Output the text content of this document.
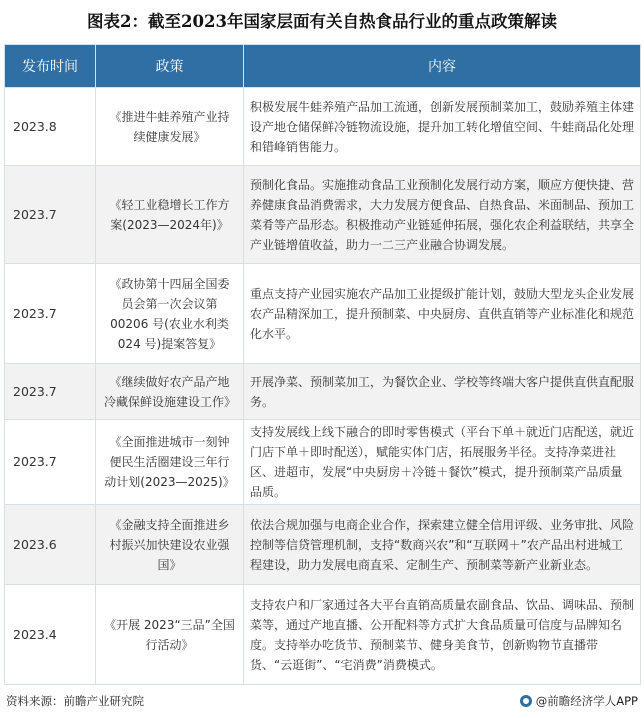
图表2：截至2023年国家层面有关自热食品行业的重点政策解读
发布时间	政策	内容
2023.8	《推进牛蛙养殖产业持续健康发展》	积极发展牛蛙养殖产品加工流通，创新发展预制菜加工，鼓励养殖主体建设产地仓储保鲜冷链物流设施，提升加工转化增值空间、牛蛙商品化处理和错峰销售能力。
2023.7	《轻工业稳增长工作方案(2023—2024年)》	预制化食品。实施推动食品工业预制化发展行动方案，顺应方便快捷、营养健康食品消费需求，大力发展方便食品、自热食品、米面制品、预加工菜肴等产品形态。积极推动产业链延伸拓展，强化农企利益联结，共享全产业链增值收益，助力一二三产业融合协调发展。
2023.7	《政协第十四届全国委员会第一次会议第00206 号(农业水利类024 号)提案答复》	重点支持产业园实施农产品加工业提级扩能计划，鼓励大型龙头企业发展农产品精深加工，提升预制菜、中央厨房、直供直销等产业标准化和规范化水平。
2023.7	《继续做好农产品产地冷藏保鲜设施建设工作》	开展净菜、预制菜加工，为餐饮企业、学校等终端大客户提供直供直配服务。
2023.7	《全面推进城市一刻钟便民生活圈建设三年行动计划(2023—2025)》	支持发展线上线下融合的即时零售模式（平台下单＋就近门店配送，就近门店下单＋即时配送），赋能实体门店，拓展服务半径。支持净菜进社区、进超市，发展“中央厨房＋冷链＋餐饮”模式，提升预制菜产品质量品质。
2023.6	《金融支持全面推进乡村振兴加快建设农业强国》	依法合规加强与电商企业合作，探索建立健全信用评级、业务审批、风险控制等信贷管理机制，支持“数商兴农”和“互联网＋”农产品出村进城工程建设，助力发展电商直采、定制生产、预制菜等新产业新业态。
2023.4	《开展 2023“三品”全国行活动》	支持农户和厂家通过各大平台直销高质量农副食品、饮品、调味品、预制菜等，通过产地直播、公开配料等方式扩大食品质量可信度与品牌知名度。支持举办吃货节、预制菜节、健身美食节，创新购物节直播带货、“云逛街”、“宅消费”消费模式。
资料来源：前瞻产业研究院	@前瞻经济学人APP
